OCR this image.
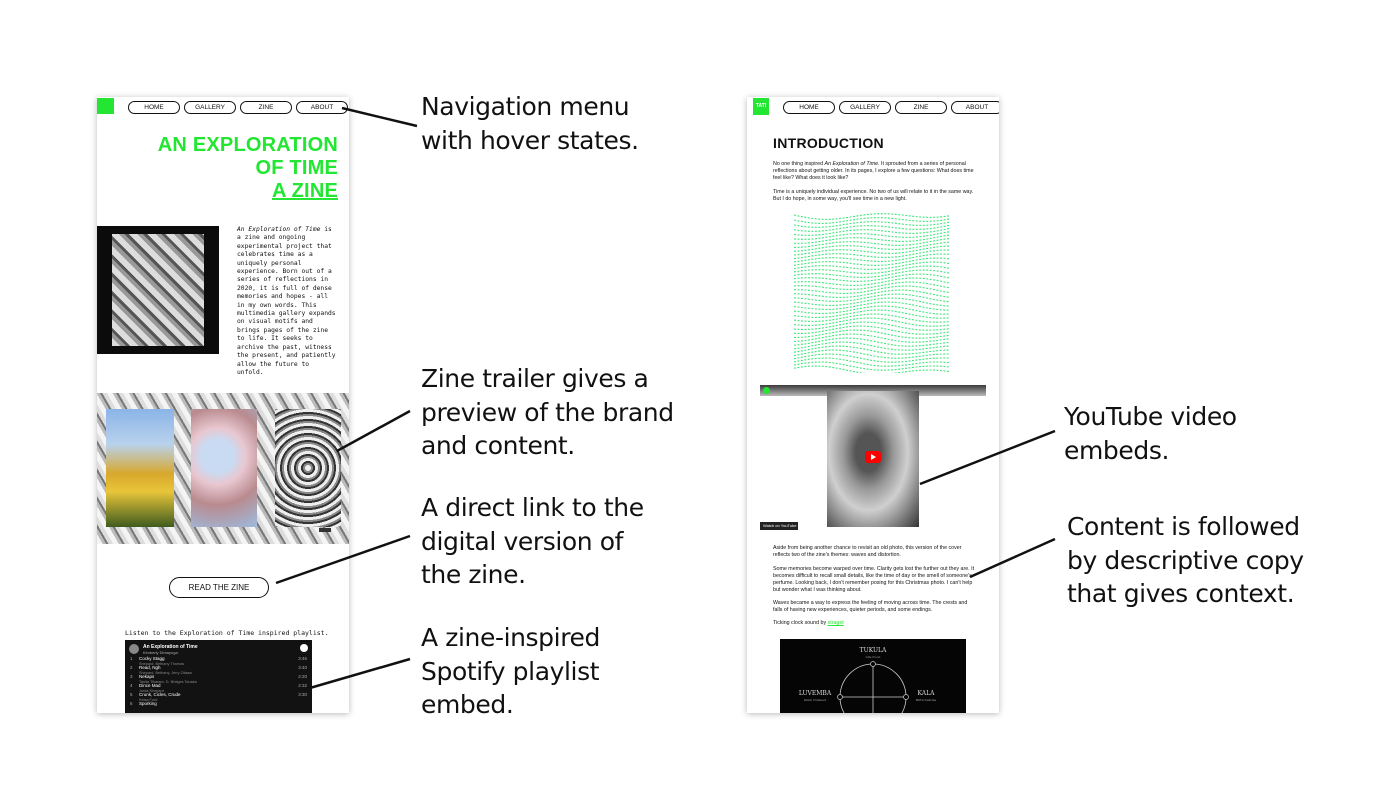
HOME	GALLERY	ZINE	ABOUT
AN EXPLORATION
OF TIME
A ZINE

An Exploration of Time is a zine and ongoing experimental project that celebrates time as a uniquely personal experience. Born out of a series of reflections in 2020, it is full of dense memories and hopes - all in my own words. This multimedia gallery expands on visual motifs and brings pages of the zine to life. It seeks to archive the past, witness the present, and patiently allow the future to unfold.

READ THE ZINE
Listen to the Exploration of Time inspired playlist.
An Exploration of Time
Kimberly Dimayuga
1	Cocky Stagg
Shepard, Bethany Thomas
3:46
2	Read, Ngh
Shepard, Bethany, Jerry Zitaaw
3:40
3	Nekaps
Tanita Tikaram, D. Bridges Tanaka
2:20
4	Dince Mad
Jorda Shepard
2:32
5	Crunk, Cicles, Crude
Kelsa Ford
3:30
6	Sporking
TATI	HOME	GALLERY	ZINE	ABOUT
INTRODUCTION

No one thing inspired An Exploration of Time. It sprouted from a series of personal reflections about getting older. In its pages, I explore a few questions: What does time feel like? What does it look like?

Time is a uniquely individual experience. No two of us will relate to it in the same way. But I do hope, in some way, you'll see time in a new light.

Watch on YouTube

Aside from being another chance to revisit an old photo, this version of the cover reflects two of the zine's themes: waves and distortion.

Some memories become warped over time. Clarity gets lost the further out they are. It becomes difficult to recall small details, like the time of day or the smell of someone's perfume. Looking back, I don't remember posing for this Christmas photo. I can't help but wonder what I was thinking about.

Waves became a way to express the feeling of moving across time. The crests and falls of having new experiences, quieter periods, and some endings.

Ticking clock sound by straget

TUKULA
Life Noon
LUVEMBA
Dimb Nunnest
KALA
Birth Sunrise
Navigation menu
with hover states.
Zine trailer gives a
preview of the brand
and content.
A direct link to the
digital version of
the zine.
A zine-inspired
Spotify playlist
embed.
YouTube video
embeds.
Content is followed
by descriptive copy
that gives context.
